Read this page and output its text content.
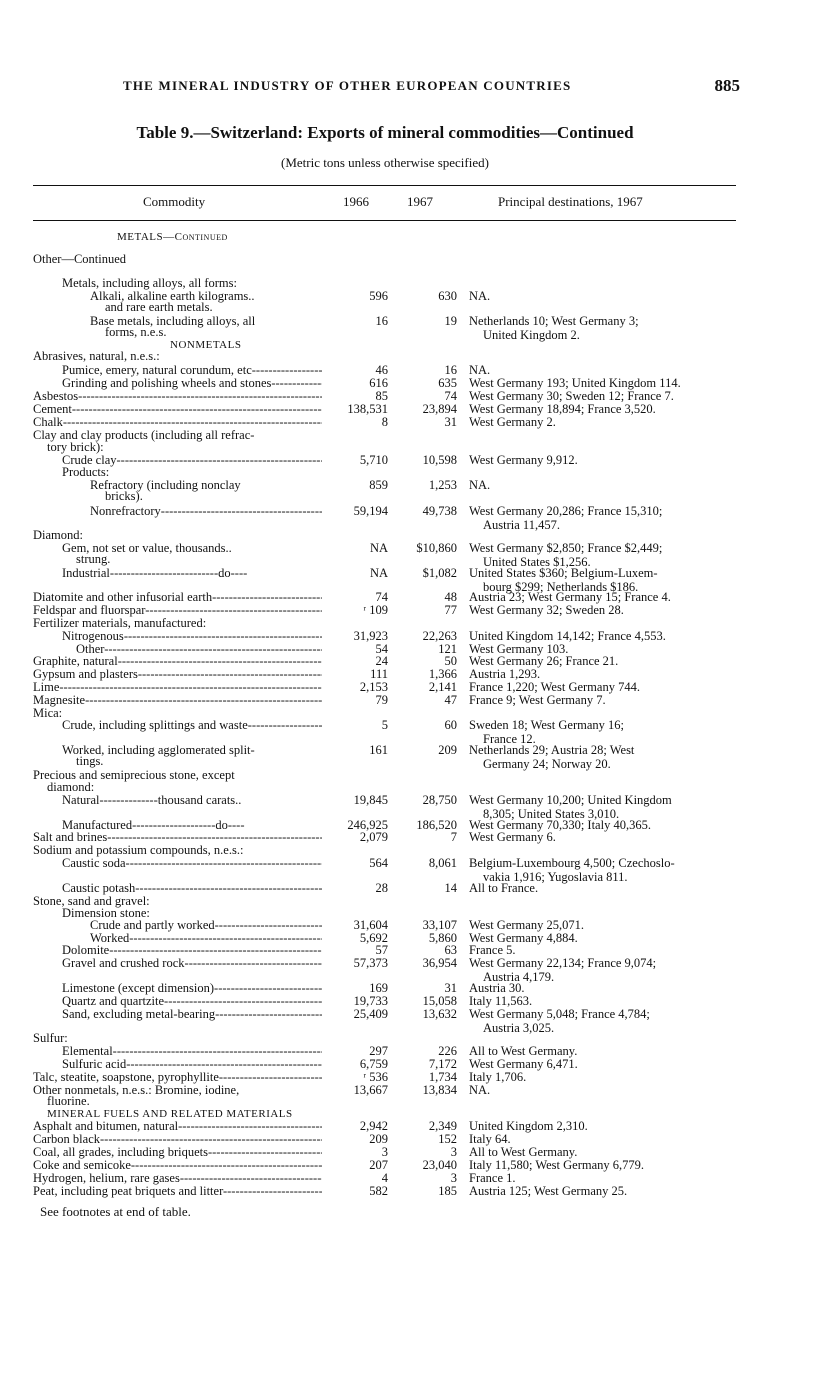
THE MINERAL INDUSTRY OF OTHER EUROPEAN COUNTRIES	885
Table 9.—Switzerland: Exports of mineral commodities—Continued
(Metric tons unless otherwise specified)
Commodity	1966	1967	Principal destinations, 1967
METALS—Continued
Other—Continued
Metals, including alloys, all forms:
Alkali, alkaline earth kilograms..
and rare earth metals.
596	630 NA.
Base metals, including alloys, all
forms, n.e.s.
16	19 Netherlands 10; West Germany 3;
United Kingdom 2.
NONMETALS
Abrasives, natural, n.e.s.:
Pumice, emery, natural corundum, etc -----	46	16 NA.
Grinding and polishing wheels and stones -----	616	635 West Germany 193; United Kingdom 114.
Asbestos -----	85	74 West Germany 30; Sweden 12; France 7.
Cement -----	138,531	23,894 West Germany 18,894; France 3,520.
Chalk -----	8	31 West Germany 2.
Clay and clay products (including all refrac-
tory brick):
Crude clay -----	5,710	10,598 West Germany 9,912.
Products:
Refractory (including nonclay
bricks).
859	1,253 NA.
Nonrefractory -----	59,194	49,738 West Germany 20,286; France 15,310;
Austria 11,457.
Diamond:
Gem, not set or value, thousands..
strung.
NA $10,860 West Germany $2,850; France $2,449;
United States $1,256.
Industrial--------------------------do----	NA	$1,082 United States $360; Belgium-Luxem-
bourg $299; Netherlands $186.
Diatomite and other infusorial earth -----	74	48 Austria 23; West Germany 15; France 4.
Feldspar and fluorspar -----	ʳ 109	77 West Germany 32; Sweden 28.
Fertilizer materials, manufactured:
Nitrogenous -----	31,923	22,263 United Kingdom 14,142; France 4,553.
Other -----	54	121 West Germany 103.
Graphite, natural -----	24	50 West Germany 26; France 21.
Gypsum and plasters -----	111	1,366 Austria 1,293.
Lime -----	2,153	2,141 France 1,220; West Germany 744.
Magnesite -----	79	47 France 9; West Germany 7.
Mica:
Crude, including splittings and waste -----	5	60 Sweden 18; West Germany 16;
France 12.
Worked, including agglomerated split-
tings.
161	209 Netherlands 29; Austria 28; West
Germany 24; Norway 20.
Precious and semiprecious stone, except
diamond:
Natural--------------thousand carats..	19,845	28,750 West Germany 10,200; United Kingdom
8,305; United States 3,010.
Manufactured--------------------do----	246,925 186,520 West Germany 70,330; Italy 40,365.
Salt and brines -----	2,079	7 West Germany 6.
Sodium and potassium compounds, n.e.s.:
Caustic soda -----	564	8,061 Belgium-Luxembourg 4,500; Czechoslo-
vakia 1,916; Yugoslavia 811.
Caustic potash -----	28	14 All to France.
Stone, sand and gravel:
Dimension stone:
Crude and partly worked -----	31,604	33,107 West Germany 25,071.
Worked -----	5,692	5,860 West Germany 4,884.
Dolomite -----	57	63 France 5.
Gravel and crushed rock -----	57,373	36,954 West Germany 22,134; France 9,074;
Austria 4,179.
Limestone (except dimension) -----	169	31 Austria 30.
Quartz and quartzite -----	19,733	15,058 Italy 11,563.
Sand, excluding metal-bearing -----	25,409	13,632 West Germany 5,048; France 4,784;
Austria 3,025.
Sulfur:
Elemental -----	297	226 All to West Germany.
Sulfuric acid -----	6,759	7,172 West Germany 6,471.
Talc, steatite, soapstone, pyrophyllite -----	ʳ 536	1,734 Italy 1,706.
Other nonmetals, n.e.s.: Bromine, iodine,
fluorine.
13,667	13,834 NA.
MINERAL FUELS AND RELATED MATERIALS
Asphalt and bitumen, natural -----	2,942	2,349 United Kingdom 2,310.
Carbon black -----	209	152 Italy 64.
Coal, all grades, including briquets -----	3	3 All to West Germany.
Coke and semicoke -----	207	23,040 Italy 11,580; West Germany 6,779.
Hydrogen, helium, rare gases -----	4	3 France 1.
Peat, including peat briquets and litter -----	582	185 Austria 125; West Germany 25.
See footnotes at end of table.
